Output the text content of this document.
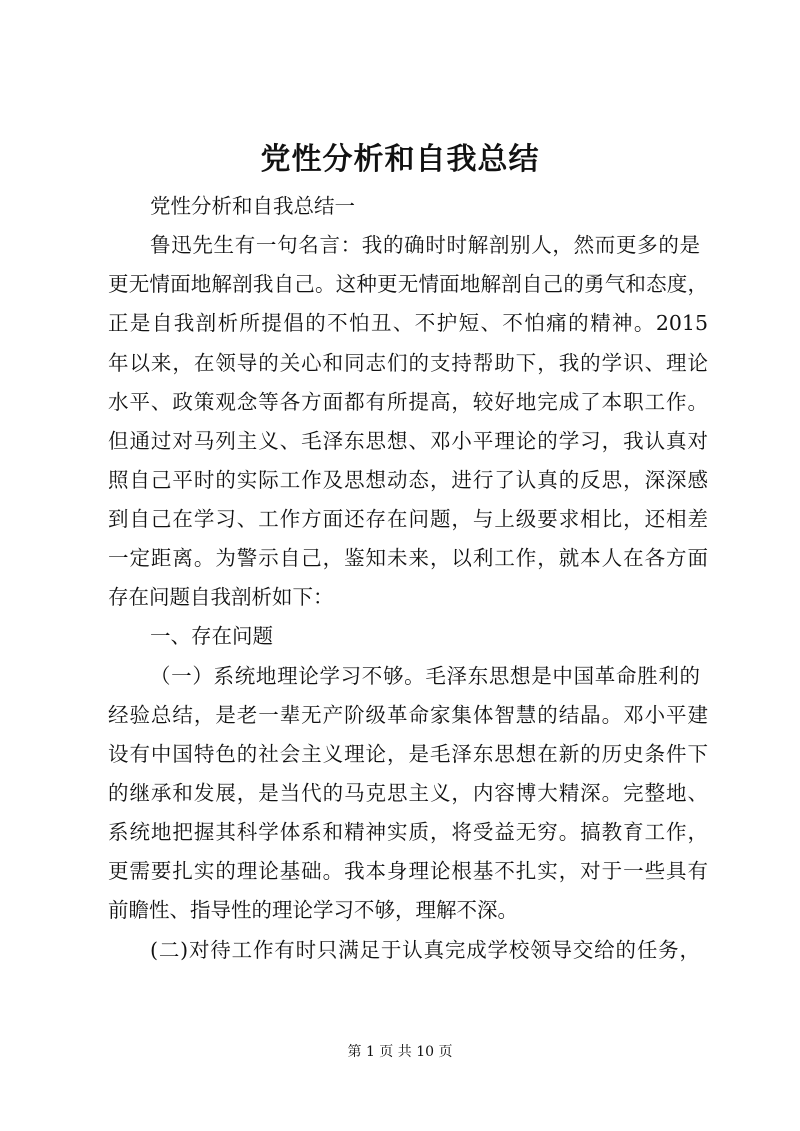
党性分析和自我总结
党性分析和自我总结一
鲁迅先生有一句名言：我的确时时解剖别人，然而更多的是
更无情面地解剖我自己。这种更无情面地解剖自己的勇气和态度，
正是自我剖析所提倡的不怕丑、不护短、不怕痛的精神。2015
年以来，在领导的关心和同志们的支持帮助下，我的学识、理论
水平、政策观念等各方面都有所提高，较好地完成了本职工作。
但通过对马列主义、毛泽东思想、邓小平理论的学习，我认真对
照自己平时的实际工作及思想动态，进行了认真的反思，深深感
到自己在学习、工作方面还存在问题，与上级要求相比，还相差
一定距离。为警示自己，鉴知未来，以利工作，就本人在各方面
存在问题自我剖析如下：
一、存在问题
（一）系统地理论学习不够。毛泽东思想是中国革命胜利的
经验总结，是老一辈无产阶级革命家集体智慧的结晶。邓小平建
设有中国特色的社会主义理论，是毛泽东思想在新的历史条件下
的继承和发展，是当代的马克思主义，内容博大精深。完整地、
系统地把握其科学体系和精神实质，将受益无穷。搞教育工作，
更需要扎实的理论基础。我本身理论根基不扎实，对于一些具有
前瞻性、指导性的理论学习不够，理解不深。
(二)对待工作有时只满足于认真完成学校领导交给的任务，
第 1 页 共 10 页
